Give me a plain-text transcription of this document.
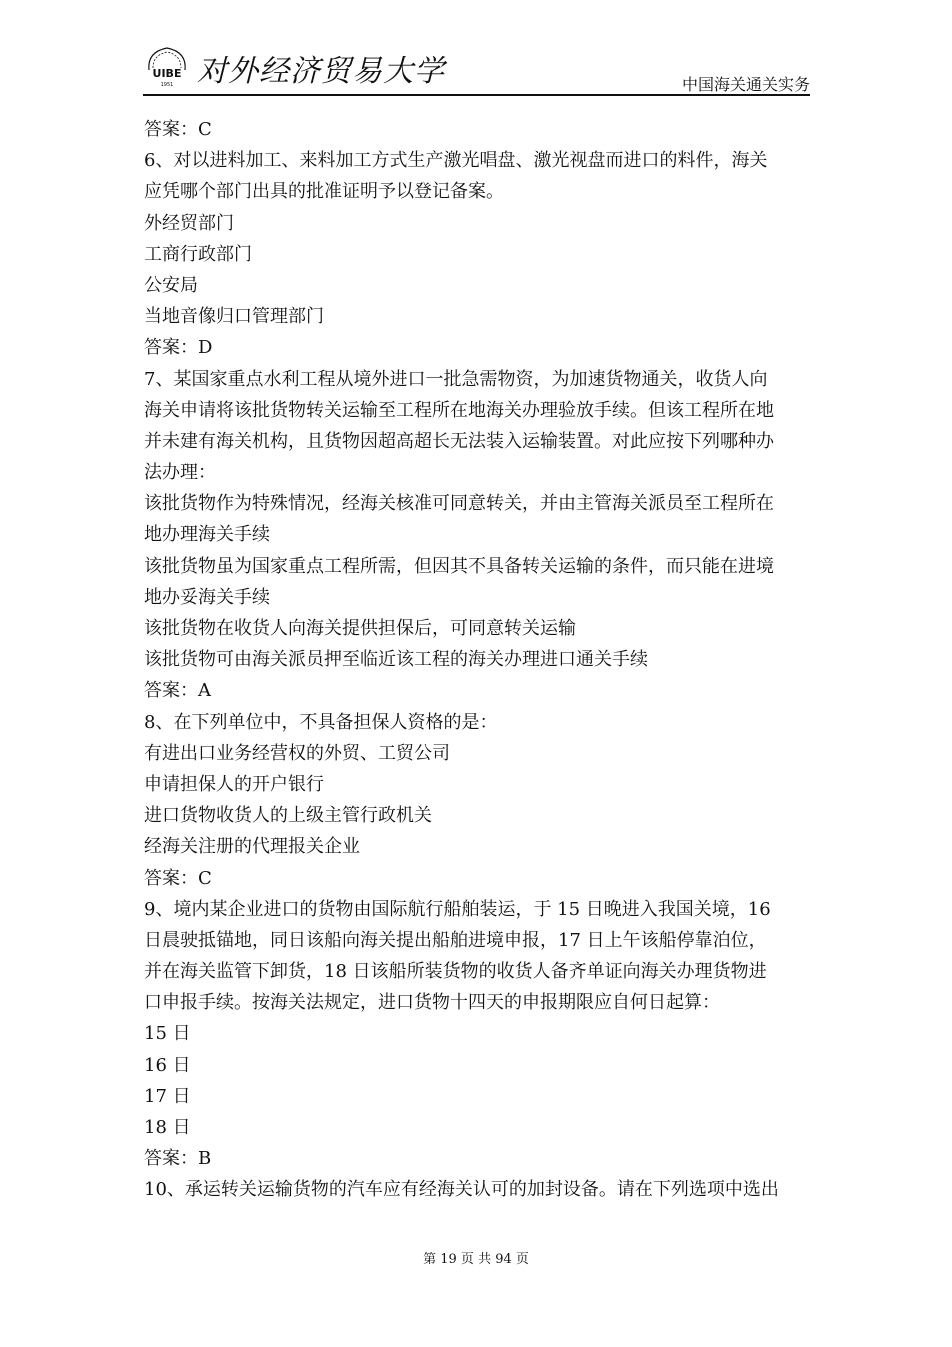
UIBE
1951 对外经济贸易大学	中国海关通关实务
答案：C
6、对以进料加工、来料加工方式生产激光唱盘、激光视盘而进口的料件，海关
应凭哪个部门出具的批准证明予以登记备案。
外经贸部门
工商行政部门
公安局
当地音像归口管理部门
答案：D
7、某国家重点水利工程从境外进口一批急需物资，为加速货物通关，收货人向
海关申请将该批货物转关运输至工程所在地海关办理验放手续。但该工程所在地
并未建有海关机构，且货物因超高超长无法装入运输装置。对此应按下列哪种办
法办理：
该批货物作为特殊情况，经海关核准可同意转关，并由主管海关派员至工程所在
地办理海关手续
该批货物虽为国家重点工程所需，但因其不具备转关运输的条件，而只能在进境
地办妥海关手续
该批货物在收货人向海关提供担保后，可同意转关运输
该批货物可由海关派员押至临近该工程的海关办理进口通关手续
答案：A
8、在下列单位中，不具备担保人资格的是：
有进出口业务经营权的外贸、工贸公司
申请担保人的开户银行
进口货物收货人的上级主管行政机关
经海关注册的代理报关企业
答案：C
9、境内某企业进口的货物由国际航行船舶装运，于 15 日晚进入我国关境，16
日晨驶抵锚地，同日该船向海关提出船舶进境申报，17 日上午该船停靠泊位，
并在海关监管下卸货，18 日该船所装货物的收货人备齐单证向海关办理货物进
口申报手续。按海关法规定，进口货物十四天的申报期限应自何日起算：
15 日
16 日
17 日
18 日
答案：B
10、承运转关运输货物的汽车应有经海关认可的加封设备。请在下列选项中选出
第 19 页 共 94 页
